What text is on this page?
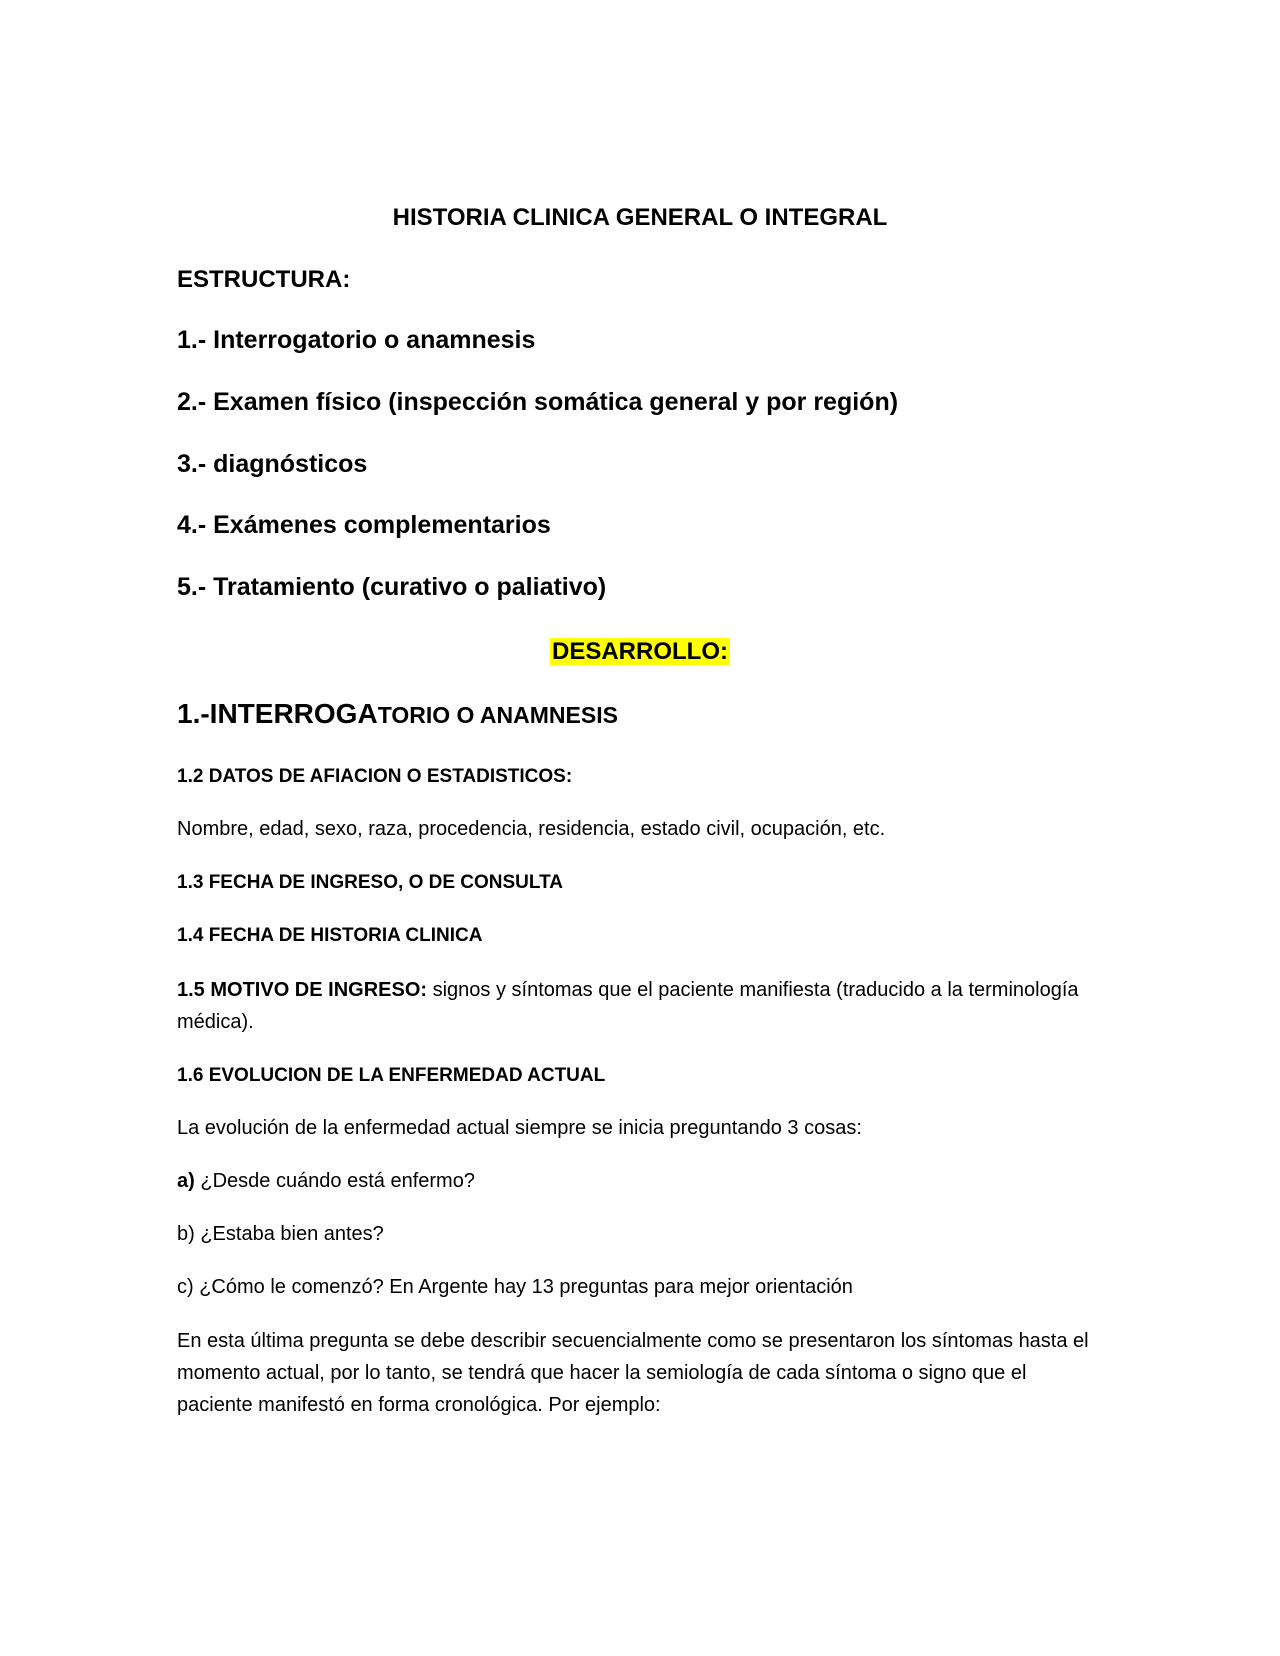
HISTORIA CLINICA GENERAL O INTEGRAL
ESTRUCTURA:
1.- Interrogatorio o anamnesis
2.- Examen físico (inspección somática general y por región)
3.- diagnósticos
4.- Exámenes complementarios
5.- Tratamiento (curativo o paliativo)
DESARROLLO:
1.-INTERROGATORIO O ANAMNESIS
1.2 DATOS DE AFIACION O ESTADISTICOS:
Nombre, edad, sexo, raza, procedencia, residencia, estado civil, ocupación, etc.
1.3 FECHA DE INGRESO, O DE CONSULTA
1.4 FECHA DE HISTORIA CLINICA
1.5 MOTIVO DE INGRESO: signos y síntomas que el paciente manifiesta (traducido a la terminología médica).
1.6 EVOLUCION DE LA ENFERMEDAD ACTUAL
La evolución de la enfermedad actual siempre se inicia preguntando 3 cosas:
a) ¿Desde cuándo está enfermo?
b) ¿Estaba bien antes?
c) ¿Cómo le comenzó? En Argente hay 13 preguntas para mejor orientación
En esta última pregunta se debe describir secuencialmente como se presentaron los síntomas hasta el momento actual, por lo tanto, se tendrá que hacer la semiología de cada síntoma o signo que el paciente manifestó en forma cronológica. Por ejemplo:
